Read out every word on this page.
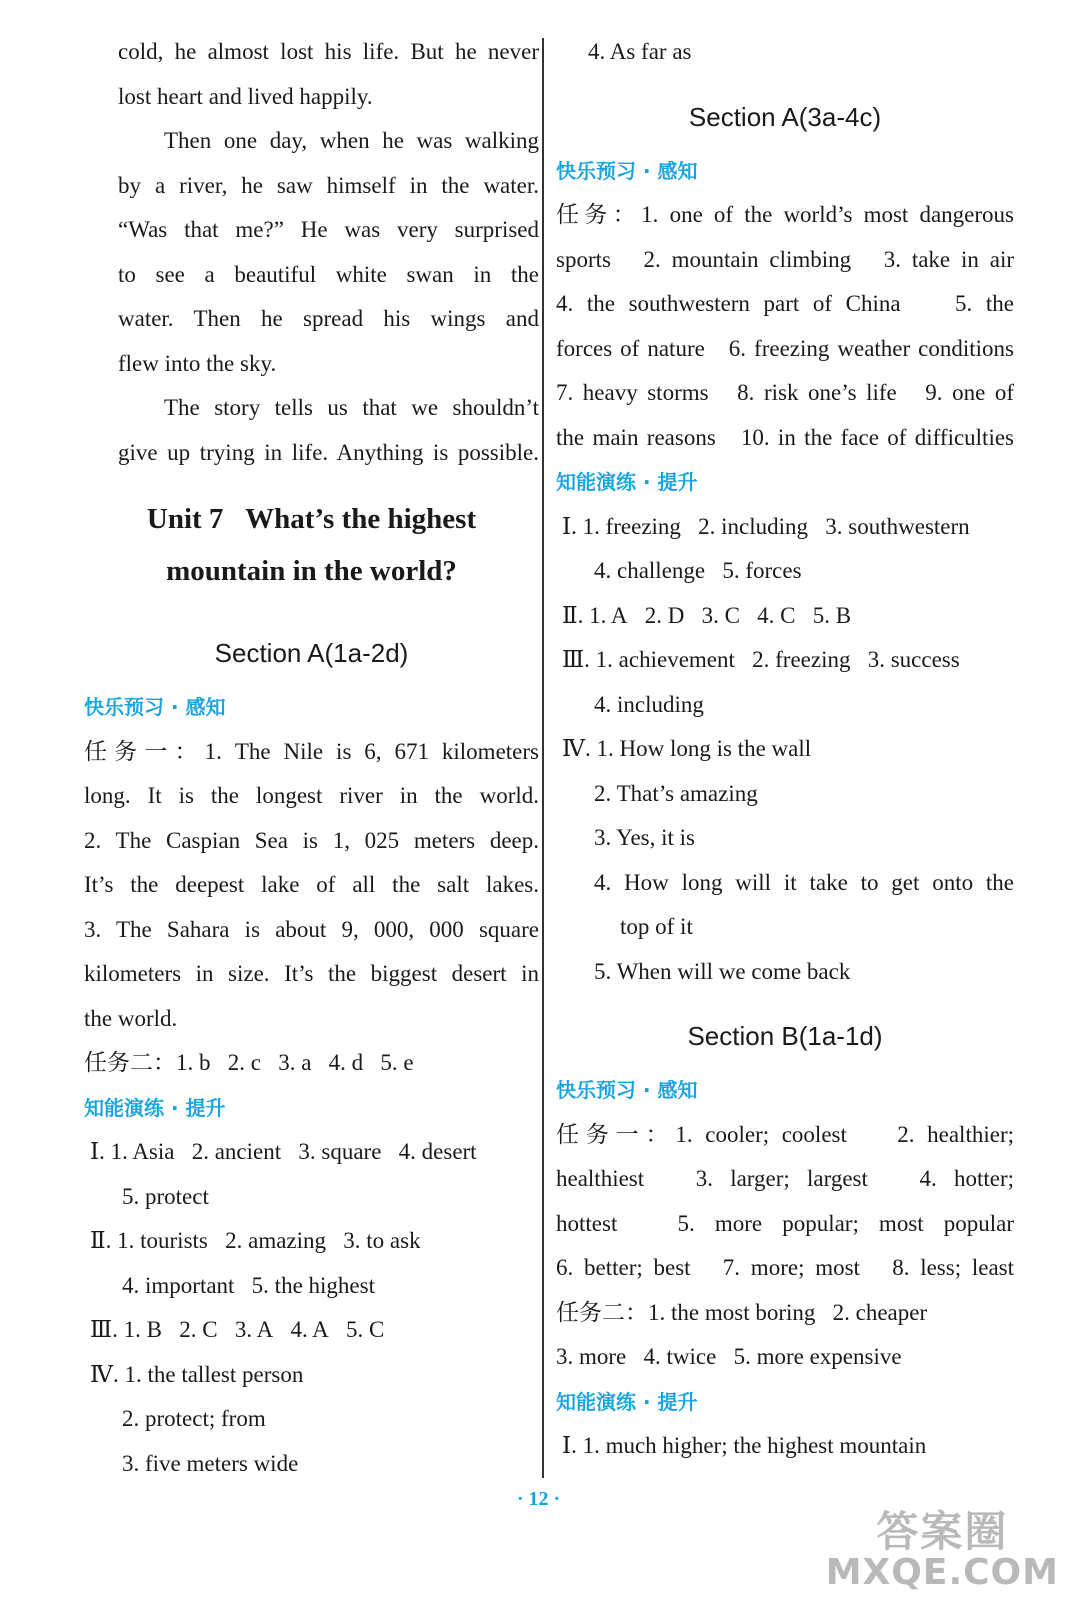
cold, he almost lost his life. But he never
lost heart and lived happily.
Then one day, when he was walking
by a river, he saw himself in the water.
“Was that me?” He was very surprised
to see a beautiful white swan in the
water. Then he spread his wings and
flew into the sky.
The story tells us that we shouldn’t
give up trying in life. Anything is possible.
Unit 7   What’s the highest
mountain in the world?
Section A(1a-2d)
快乐预习 · 感知
任务一：1. The Nile is 6, 671 kilometers
long. It is the longest river in the world.
2. The Caspian Sea is 1, 025 meters deep.
It’s the deepest lake of all the salt lakes.
3. The Sahara is about 9, 000, 000 square
kilometers in size. It’s the biggest desert in
the world.
任务二：1. b   2. c   3. a   4. d   5. e
知能演练 · 提升
Ⅰ. 1. Asia   2. ancient   3. square   4. desert
5. protect
Ⅱ. 1. tourists   2. amazing   3. to ask
4. important   5. the highest
Ⅲ. 1. B   2. C   3. A   4. A   5. C
Ⅳ. 1. the tallest person
2. protect; from
3. five meters wide
4. As far as
Section A(3a-4c)
快乐预习 · 感知
任务：1. one of the world’s most dangerous
sports   2. mountain climbing   3. take in air
4. the southwestern part of China    5. the
forces of nature   6. freezing weather conditions
7. heavy storms   8. risk one’s life   9. one of
the main reasons   10. in the face of difficulties
知能演练 · 提升
Ⅰ. 1. freezing   2. including   3. southwestern
4. challenge   5. forces
Ⅱ. 1. A   2. D   3. C   4. C   5. B
Ⅲ. 1. achievement   2. freezing   3. success
4. including
Ⅳ. 1. How long is the wall
2. That’s amazing
3. Yes, it is
4. How long will it take to get onto the
top of it
5. When will we come back
Section B(1a-1d)
快乐预习 · 感知
任务一：1. cooler; coolest    2. healthier;
healthiest   3. larger; largest   4. hotter;
hottest   5. more popular; most popular
6. better; best   7. more; most   8. less; least
任务二：1. the most boring   2. cheaper
3. more   4. twice   5. more expensive
知能演练 · 提升
Ⅰ. 1. much higher; the highest mountain
· 12 ·
答案圈
MXQE.COM
